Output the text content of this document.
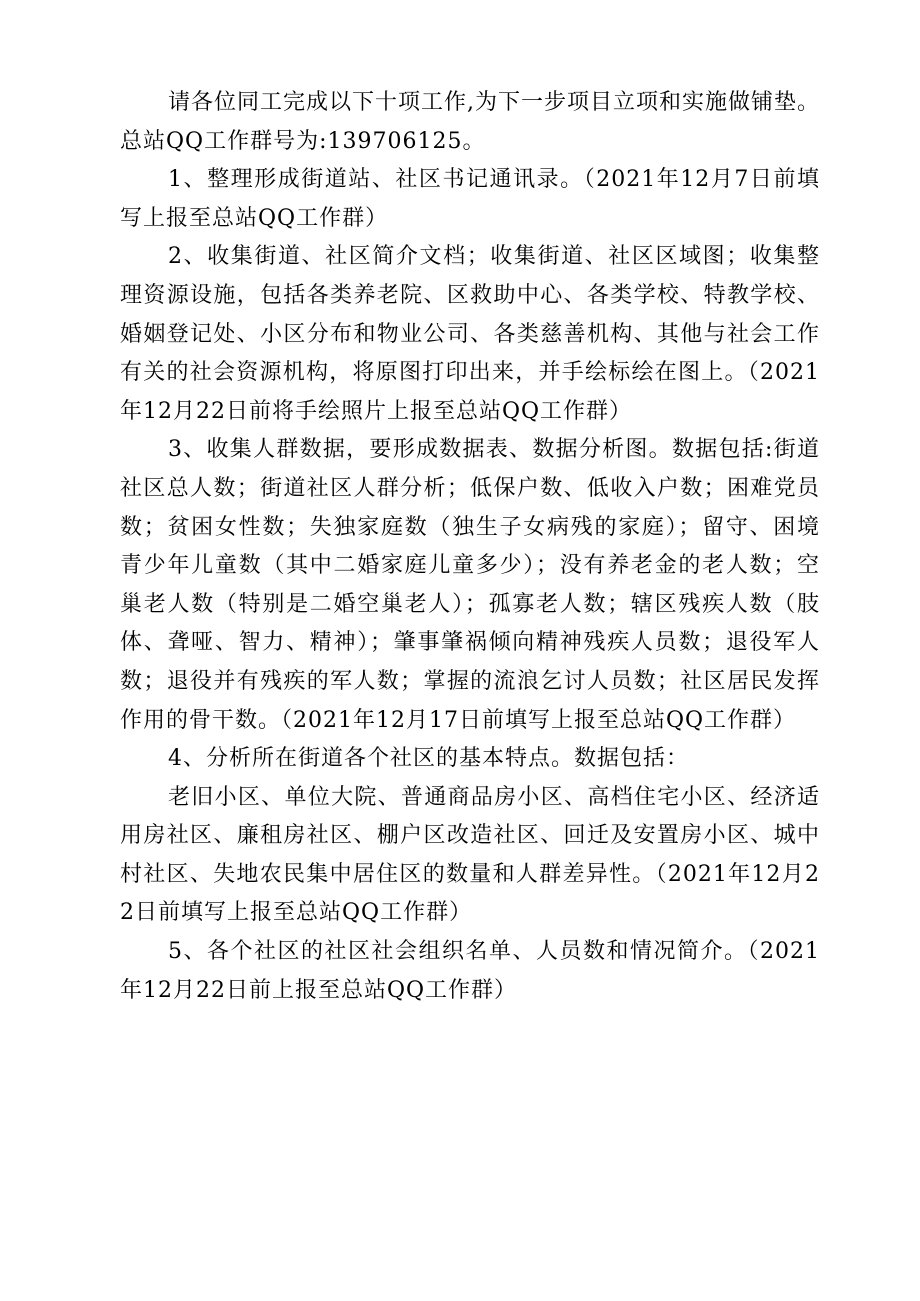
请各位同工完成以下十项工作,为下一步项目立项和实施做铺垫。总站QQ工作群号为:139706125。

1、整理形成街道站、社区书记通讯录。（2021年12月7日前填写上报至总站QQ工作群）

2、收集街道、社区简介文档；收集街道、社区区域图；收集整理资源设施，包括各类养老院、区救助中心、各类学校、特教学校、婚姻登记处、小区分布和物业公司、各类慈善机构、其他与社会工作有关的社会资源机构，将原图打印出来，并手绘标绘在图上。（2021年12月22日前将手绘照片上报至总站QQ工作群）

3、收集人群数据，要形成数据表、数据分析图。数据包括:街道社区总人数；街道社区人群分析；低保户数、低收入户数；困难党员数；贫困女性数；失独家庭数（独生子女病残的家庭）；留守、困境青少年儿童数（其中二婚家庭儿童多少）；没有养老金的老人数；空巢老人数（特别是二婚空巢老人）；孤寡老人数；辖区残疾人数（肢体、聋哑、智力、精神）；肇事肇祸倾向精神残疾人员数；退役军人数；退役并有残疾的军人数；掌握的流浪乞讨人员数；社区居民发挥作用的骨干数。（2021年12月17日前填写上报至总站QQ工作群）

4、分析所在街道各个社区的基本特点。数据包括：

老旧小区、单位大院、普通商品房小区、高档住宅小区、经济适用房社区、廉租房社区、棚户区改造社区、回迁及安置房小区、城中村社区、失地农民集中居住区的数量和人群差异性。（2021年12月22日前填写上报至总站QQ工作群）

5、各个社区的社区社会组织名单、人员数和情况简介。（2021年12月22日前上报至总站QQ工作群）
